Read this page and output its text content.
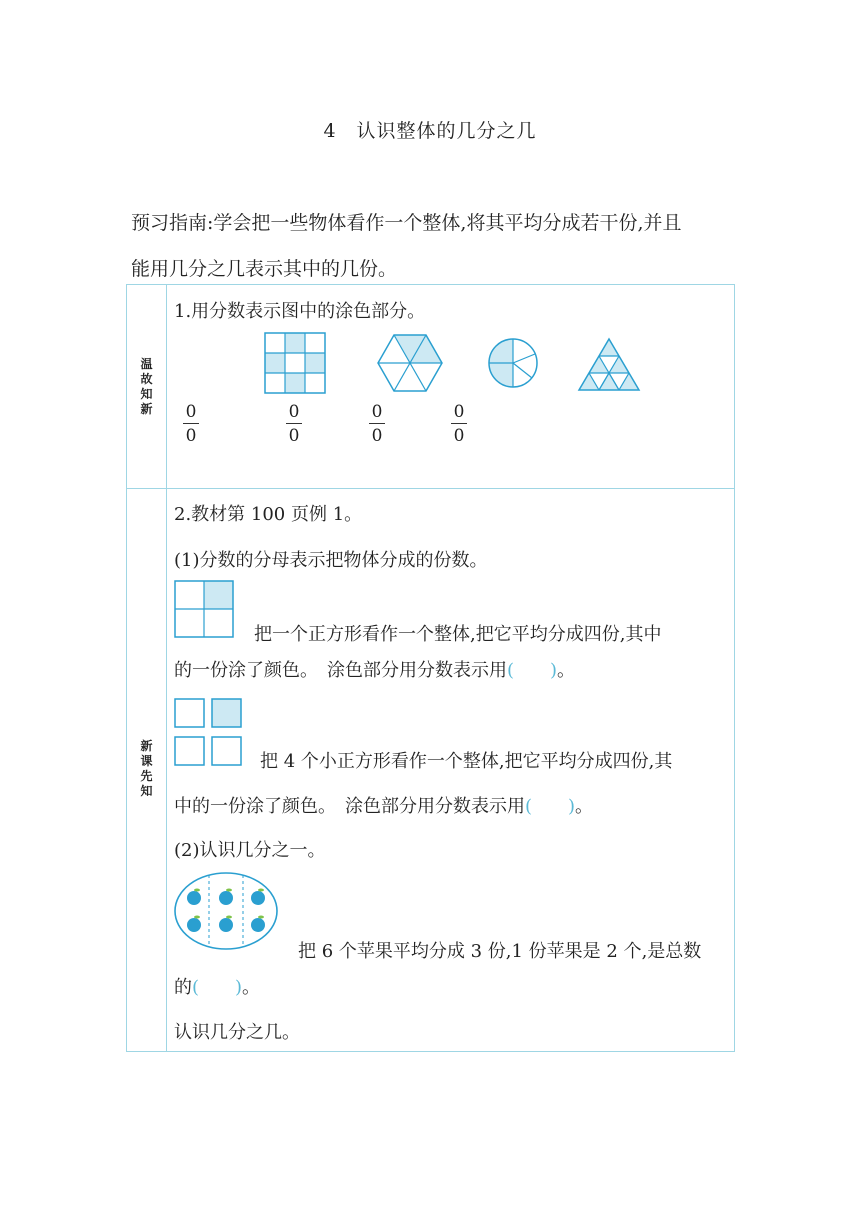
4　认识整体的几分之几
预习指南:学会把一些物体看作一个整体,将其平均分成若干份,并且
能用几分之几表示其中的几份。
温
故
知
新
1.用分数表示图中的涂色部分。
0
0
0
0
0
0
0
0
新
课
先
知
2.教材第 100 页例 1。
(1)分数的分母表示把物体分成的份数。
把一个正方形看作一个整体,把它平均分成四份,其中
的一份涂了颜色。　涂色部分用分数表示用(　　)。
把 4 个小正方形看作一个整体,把它平均分成四份,其
中的一份涂了颜色。　涂色部分用分数表示用(　　)。
(2)认识几分之一。
把 6 个苹果平均分成 3 份,1 份苹果是 2 个,是总数
的(　　)。
认识几分之几。
